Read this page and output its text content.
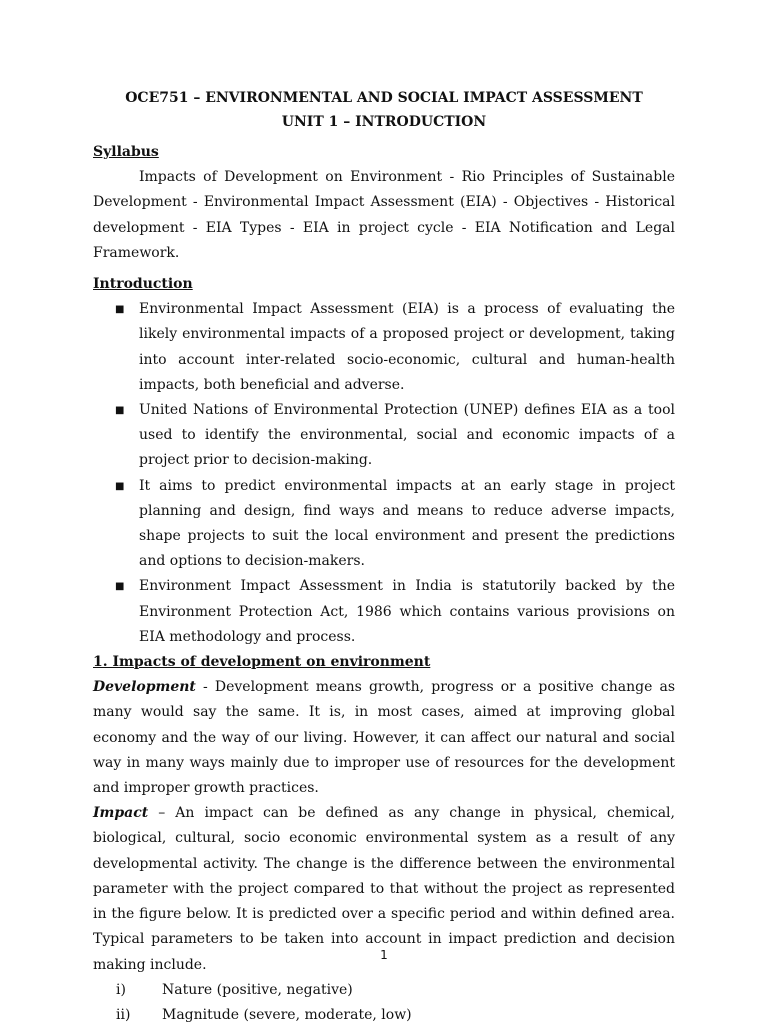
OCE751 – ENVIRONMENTAL AND SOCIAL IMPACT ASSESSMENT
UNIT 1 – INTRODUCTION
Syllabus

Impacts of Development on Environment - Rio Principles of Sustainable Development - Environmental Impact Assessment (EIA) - Objectives - Historical development - EIA Types - EIA in project cycle - EIA Notification and Legal Framework.

Introduction
■ Environmental Impact Assessment (EIA) is a process of evaluating the likely environmental impacts of a proposed project or development, taking into account inter-related socio-economic, cultural and human-health impacts, both beneficial and adverse.
■ United Nations of Environmental Protection (UNEP) defines EIA as a tool used to identify the environmental, social and economic impacts of a project prior to decision-making.
■ It aims to predict environmental impacts at an early stage in project planning and design, find ways and means to reduce adverse impacts, shape projects to suit the local environment and present the predictions and options to decision-makers.
■ Environment Impact Assessment in India is statutorily backed by the Environment Protection Act, 1986 which contains various provisions on EIA methodology and process.
1. Impacts of development on environment

Development - Development means growth, progress or a positive change as many would say the same. It is, in most cases, aimed at improving global economy and the way of our living. However, it can affect our natural and social way in many ways mainly due to improper use of resources for the development and improper growth practices.

Impact – An impact can be defined as any change in physical, chemical, biological, cultural, socio economic environmental system as a result of any developmental activity. The change is the difference between the environmental parameter with the project compared to that without the project as represented in the figure below. It is predicted over a specific period and within defined area. Typical parameters to be taken into account in impact prediction and decision making include.

i)	Nature (positive, negative)
ii) Magnitude (severe, moderate, low)
1
